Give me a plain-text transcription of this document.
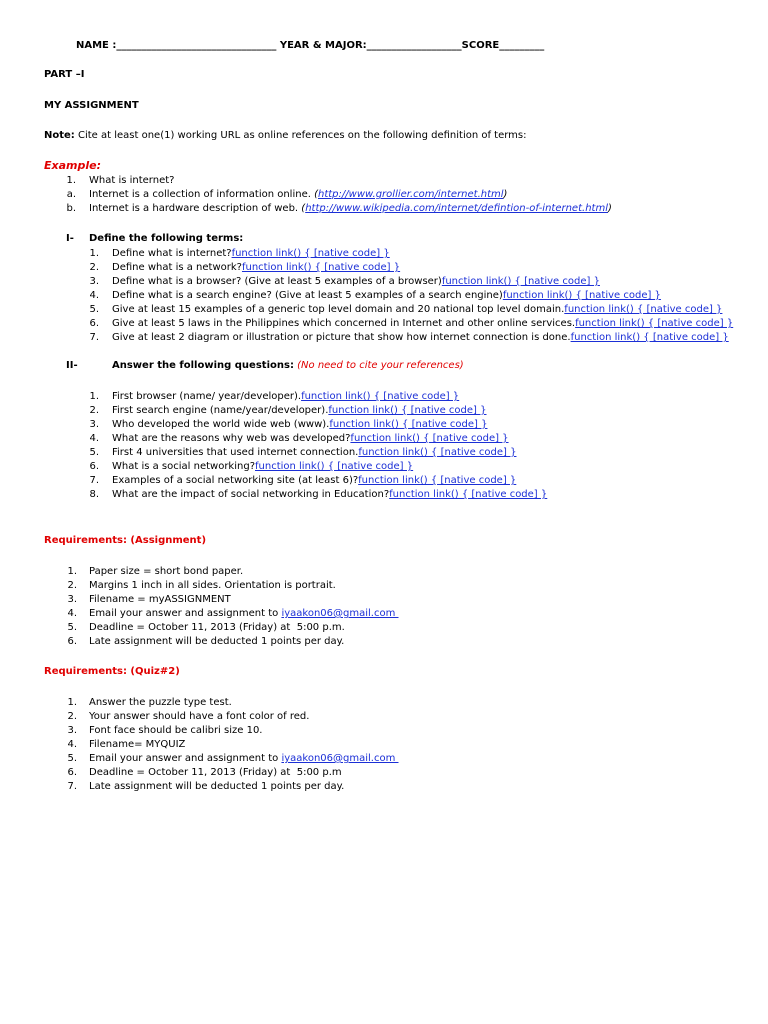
NAME :________________________________ YEAR & MAJOR:___________________SCORE_________
PART –I
MY ASSIGNMENT
Note: Cite at least one(1) working URL as online references on the following definition of terms:
Example:
1. What is internet?
a. Internet is a collection of information online. (http://www.grollier.com/internet.html)
b. Internet is a hardware description of web. (http://www.wikipedia.com/internet/defintion-of-internet.html)
I- Define the following terms:
1. Define what is internet?function link() { [native code] }
2. Define what is a network?function link() { [native code] }
3. Define what is a browser? (Give at least 5 examples of a browser)function link() { [native code] }
4. Define what is a search engine? (Give at least 5 examples of a search engine)function link() { [native code] }
5. Give at least 15 examples of a generic top level domain and 20 national top level domain.function link() { [native code] }
6. Give at least 5 laws in the Philippines which concerned in Internet and other online services.function link() { [native code] }
7. Give at least 2 diagram or illustration or picture that show how internet connection is done.function link() { [native code] }
II-	Answer the following questions: (No need to cite your references)
1. First browser (name/ year/developer).function link() { [native code] }
2. First search engine (name/year/developer).function link() { [native code] }
3. Who developed the world wide web (www).function link() { [native code] }
4. What are the reasons why web was developed?function link() { [native code] }
5. First 4 universities that used internet connection.function link() { [native code] }
6. What is a social networking?function link() { [native code] }
7. Examples of a social networking site (at least 6)?function link() { [native code] }
8. What are the impact of social networking in Education?function link() { [native code] }
Requirements: (Assignment)
1. Paper size = short bond paper.
2. Margins 1 inch in all sides. Orientation is portrait.
3. Filename = myASSIGNMENT
4. Email your answer and assignment to iyaakon06@gmail.com
5. Deadline = October 11, 2013 (Friday) at  5:00 p.m.
6. Late assignment will be deducted 1 points per day.
Requirements: (Quiz#2)
1. Answer the puzzle type test.
2. Your answer should have a font color of red.
3. Font face should be calibri size 10.
4. Filename= MYQUIZ
5. Email your answer and assignment to iyaakon06@gmail.com
6. Deadline = October 11, 2013 (Friday) at  5:00 p.m
7. Late assignment will be deducted 1 points per day.
